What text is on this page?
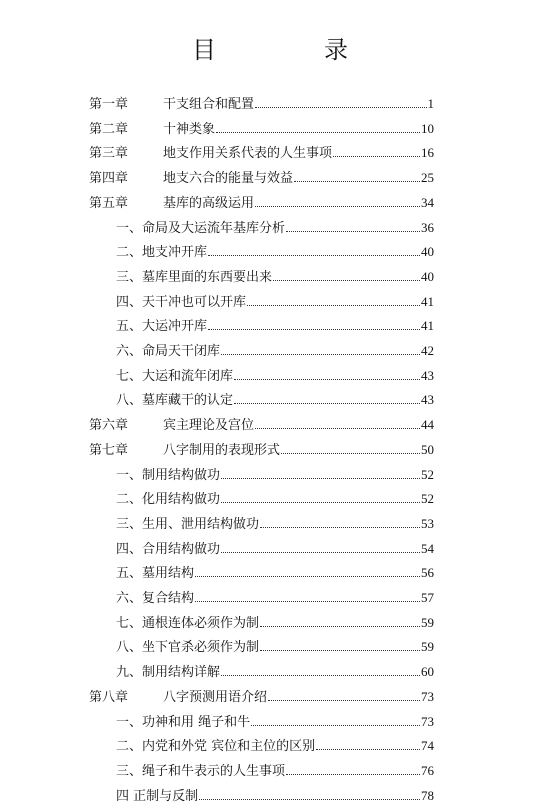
目　录
第一章	干支组合和配置	1
第二章	十神类象	10
第三章	地支作用关系代表的人生事项	16
第四章	地支六合的能量与效益	25
第五章	基库的高级运用	34
一、命局及大运流年基库分析	36
二、地支冲开库	40
三、墓库里面的东西要出来	40
四、天干冲也可以开库	41
五、大运冲开库	41
六、命局天干闭库	42
七、大运和流年闭库	43
八、墓库藏干的认定	43
第六章	宾主理论及宫位	44
第七章	八字制用的表现形式	50
一、制用结构做功	52
二、化用结构做功	52
三、生用、泄用结构做功	53
四、合用结构做功	54
五、墓用结构	56
六、复合结构	57
七、通根连体必须作为制	59
八、坐下官杀必须作为制	59
九、制用结构详解	60
第八章	八字预测用语介绍	73
一、功神和用 绳子和牛	73
二、内党和外党 宾位和主位的区别	74
三、绳子和牛表示的人生事项	76
四 正制与反制	78
